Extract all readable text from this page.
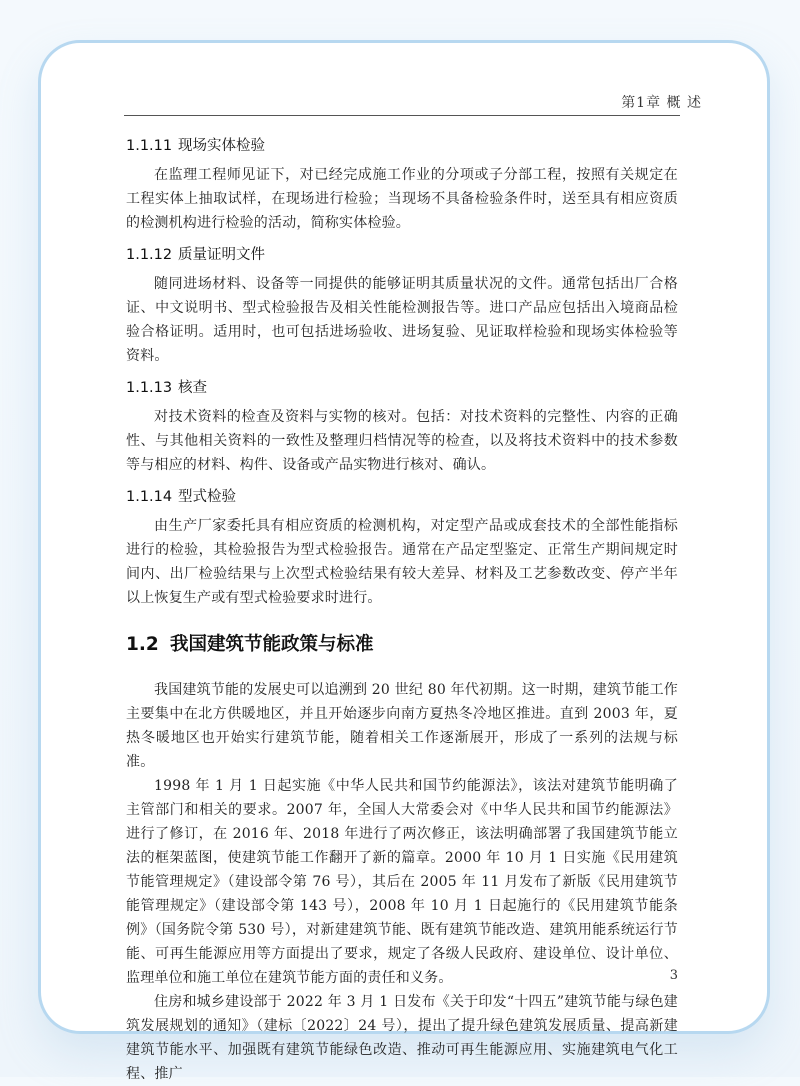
第1章 概 述
1.1.11 现场实体检验

在监理工程师见证下，对已经完成施工作业的分项或子分部工程，按照有关规定在工程实体上抽取试样，在现场进行检验；当现场不具备检验条件时，送至具有相应资质的检测机构进行检验的活动，简称实体检验。

1.1.12 质量证明文件

随同进场材料、设备等一同提供的能够证明其质量状况的文件。通常包括出厂合格证、中文说明书、型式检验报告及相关性能检测报告等。进口产品应包括出入境商品检验合格证明。适用时，也可包括进场验收、进场复验、见证取样检验和现场实体检验等资料。

1.1.13 核查

对技术资料的检查及资料与实物的核对。包括：对技术资料的完整性、内容的正确性、与其他相关资料的一致性及整理归档情况等的检查，以及将技术资料中的技术参数等与相应的材料、构件、设备或产品实物进行核对、确认。

1.1.14 型式检验

由生产厂家委托具有相应资质的检测机构，对定型产品或成套技术的全部性能指标进行的检验，其检验报告为型式检验报告。通常在产品定型鉴定、正常生产期间规定时间内、出厂检验结果与上次型式检验结果有较大差异、材料及工艺参数改变、停产半年以上恢复生产或有型式检验要求时进行。

1.2 我国建筑节能政策与标准

我国建筑节能的发展史可以追溯到 20 世纪 80 年代初期。这一时期，建筑节能工作主要集中在北方供暖地区，并且开始逐步向南方夏热冬冷地区推进。直到 2003 年，夏热冬暖地区也开始实行建筑节能，随着相关工作逐渐展开，形成了一系列的法规与标准。

1998 年 1 月 1 日起实施《中华人民共和国节约能源法》，该法对建筑节能明确了主管部门和相关的要求。2007 年，全国人大常委会对《中华人民共和国节约能源法》进行了修订，在 2016 年、2018 年进行了两次修正，该法明确部署了我国建筑节能立法的框架蓝图，使建筑节能工作翻开了新的篇章。2000 年 10 月 1 日实施《民用建筑节能管理规定》（建设部令第 76 号），其后在 2005 年 11 月发布了新版《民用建筑节能管理规定》（建设部令第 143 号），2008 年 10 月 1 日起施行的《民用建筑节能条例》（国务院令第 530 号），对新建建筑节能、既有建筑节能改造、建筑用能系统运行节能、可再生能源应用等方面提出了要求，规定了各级人民政府、建设单位、设计单位、监理单位和施工单位在建筑节能方面的责任和义务。

住房和城乡建设部于 2022 年 3 月 1 日发布《关于印发“十四五”建筑节能与绿色建筑发展规划的通知》（建标〔2022〕24 号），提出了提升绿色建筑发展质量、提高新建建筑节能水平、加强既有建筑节能绿色改造、推动可再生能源应用、实施建筑电气化工程、推广

3
